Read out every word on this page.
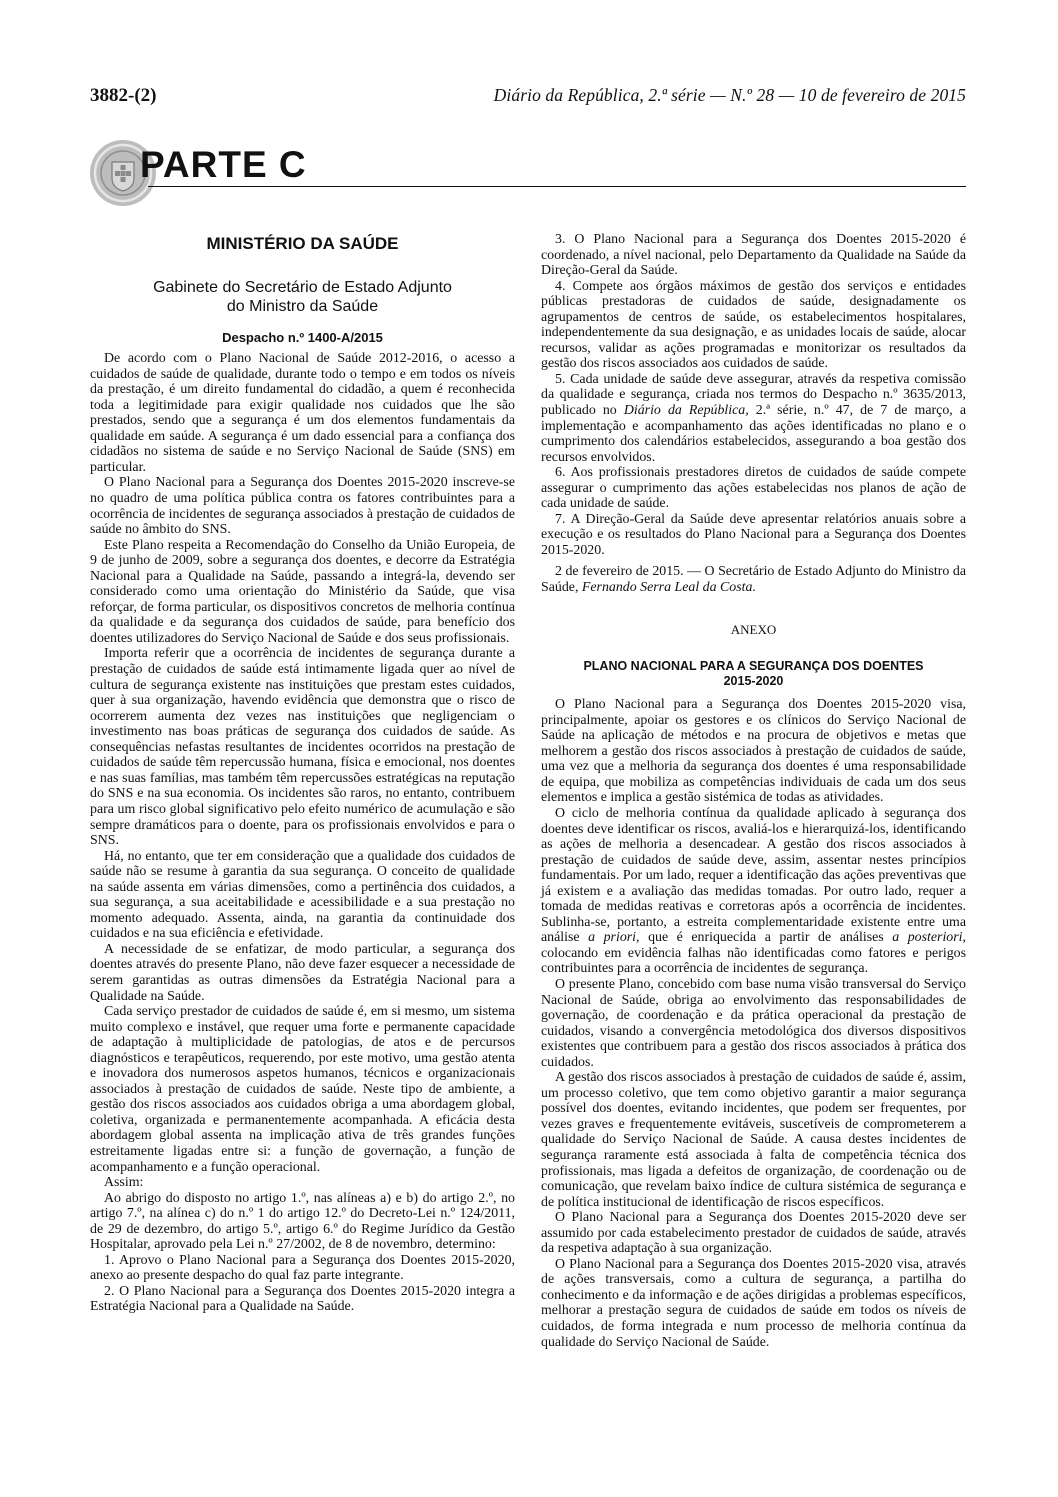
3882-(2)	Diário da República, 2.ª série — N.º 28 — 10 de fevereiro de 2015
PARTE C

MINISTÉRIO DA SAÚDE

Gabinete do Secretário de Estado Adjunto
do Ministro da Saúde

Despacho n.º 1400-A/2015

De acordo com o Plano Nacional de Saúde 2012-2016, o acesso a cuidados de saúde de qualidade, durante todo o tempo e em todos os níveis da prestação, é um direito fundamental do cidadão, a quem é reconhecida toda a legitimidade para exigir qualidade nos cuidados que lhe são prestados, sendo que a segurança é um dos elementos fundamentais da qualidade em saúde. A segurança é um dado essencial para a confiança dos cidadãos no sistema de saúde e no Serviço Nacional de Saúde (SNS) em particular.

O Plano Nacional para a Segurança dos Doentes 2015-2020 inscreve-se no quadro de uma política pública contra os fatores contribuintes para a ocorrência de incidentes de segurança associados à prestação de cuidados de saúde no âmbito do SNS.

Este Plano respeita a Recomendação do Conselho da União Europeia, de 9 de junho de 2009, sobre a segurança dos doentes, e decorre da Estratégia Nacional para a Qualidade na Saúde, passando a integrá-la, devendo ser considerado como uma orientação do Ministério da Saúde, que visa reforçar, de forma particular, os dispositivos concretos de melhoria contínua da qualidade e da segurança dos cuidados de saúde, para benefício dos doentes utilizadores do Serviço Nacional de Saúde e dos seus profissionais.

Importa referir que a ocorrência de incidentes de segurança durante a prestação de cuidados de saúde está intimamente ligada quer ao nível de cultura de segurança existente nas instituições que prestam estes cuidados, quer à sua organização, havendo evidência que demonstra que o risco de ocorrerem aumenta dez vezes nas instituições que negligenciam o investimento nas boas práticas de segurança dos cuidados de saúde. As consequências nefastas resultantes de incidentes ocorridos na prestação de cuidados de saúde têm repercussão humana, física e emocional, nos doentes e nas suas famílias, mas também têm repercussões estratégicas na reputação do SNS e na sua economia. Os incidentes são raros, no entanto, contribuem para um risco global significativo pelo efeito numérico de acumulação e são sempre dramáticos para o doente, para os profissionais envolvidos e para o SNS.

Há, no entanto, que ter em consideração que a qualidade dos cuidados de saúde não se resume à garantia da sua segurança. O conceito de qualidade na saúde assenta em várias dimensões, como a pertinência dos cuidados, a sua segurança, a sua aceitabilidade e acessibilidade e a sua prestação no momento adequado. Assenta, ainda, na garantia da continuidade dos cuidados e na sua eficiência e efetividade.

A necessidade de se enfatizar, de modo particular, a segurança dos doentes através do presente Plano, não deve fazer esquecer a necessidade de serem garantidas as outras dimensões da Estratégia Nacional para a Qualidade na Saúde.

Cada serviço prestador de cuidados de saúde é, em si mesmo, um sistema muito complexo e instável, que requer uma forte e permanente capacidade de adaptação à multiplicidade de patologias, de atos e de percursos diagnósticos e terapêuticos, requerendo, por este motivo, uma gestão atenta e inovadora dos numerosos aspetos humanos, técnicos e organizacionais associados à prestação de cuidados de saúde. Neste tipo de ambiente, a gestão dos riscos associados aos cuidados obriga a uma abordagem global, coletiva, organizada e permanentemente acompanhada. A eficácia desta abordagem global assenta na implicação ativa de três grandes funções estreitamente ligadas entre si: a função de governação, a função de acompanhamento e a função operacional.

Assim:

Ao abrigo do disposto no artigo 1.º, nas alíneas a) e b) do artigo 2.º, no artigo 7.º, na alínea c) do n.º 1 do artigo 12.º do Decreto-Lei n.º 124/2011, de 29 de dezembro, do artigo 5.º, artigo 6.º do Regime Jurídico da Gestão Hospitalar, aprovado pela Lei n.º 27/2002, de 8 de novembro, determino:

1. Aprovo o Plano Nacional para a Segurança dos Doentes 2015-2020, anexo ao presente despacho do qual faz parte integrante.

2. O Plano Nacional para a Segurança dos Doentes 2015-2020 integra a Estratégia Nacional para a Qualidade na Saúde.

3. O Plano Nacional para a Segurança dos Doentes 2015-2020 é coordenado, a nível nacional, pelo Departamento da Qualidade na Saúde da Direção-Geral da Saúde.

4. Compete aos órgãos máximos de gestão dos serviços e entidades públicas prestadoras de cuidados de saúde, designadamente os agrupamentos de centros de saúde, os estabelecimentos hospitalares, independentemente da sua designação, e as unidades locais de saúde, alocar recursos, validar as ações programadas e monitorizar os resultados da gestão dos riscos associados aos cuidados de saúde.

5. Cada unidade de saúde deve assegurar, através da respetiva comissão da qualidade e segurança, criada nos termos do Despacho n.º 3635/2013, publicado no Diário da República, 2.ª série, n.º 47, de 7 de março, a implementação e acompanhamento das ações identificadas no plano e o cumprimento dos calendários estabelecidos, assegurando a boa gestão dos recursos envolvidos.

6. Aos profissionais prestadores diretos de cuidados de saúde compete assegurar o cumprimento das ações estabelecidas nos planos de ação de cada unidade de saúde.

7. A Direção-Geral da Saúde deve apresentar relatórios anuais sobre a execução e os resultados do Plano Nacional para a Segurança dos Doentes 2015-2020.

2 de fevereiro de 2015. — O Secretário de Estado Adjunto do Ministro da Saúde, Fernando Serra Leal da Costa.

ANEXO

PLANO NACIONAL PARA A SEGURANÇA DOS DOENTES
2015-2020

O Plano Nacional para a Segurança dos Doentes 2015-2020 visa, principalmente, apoiar os gestores e os clínicos do Serviço Nacional de Saúde na aplicação de métodos e na procura de objetivos e metas que melhorem a gestão dos riscos associados à prestação de cuidados de saúde, uma vez que a melhoria da segurança dos doentes é uma responsabilidade de equipa, que mobiliza as competências individuais de cada um dos seus elementos e implica a gestão sistémica de todas as atividades.

O ciclo de melhoria contínua da qualidade aplicado à segurança dos doentes deve identificar os riscos, avaliá-los e hierarquizá-los, identificando as ações de melhoria a desencadear. A gestão dos riscos associados à prestação de cuidados de saúde deve, assim, assentar nestes princípios fundamentais. Por um lado, requer a identificação das ações preventivas que já existem e a avaliação das medidas tomadas. Por outro lado, requer a tomada de medidas reativas e corretoras após a ocorrência de incidentes. Sublinha-se, portanto, a estreita complementaridade existente entre uma análise a priori, que é enriquecida a partir de análises a posteriori, colocando em evidência falhas não identificadas como fatores e perigos contribuintes para a ocorrência de incidentes de segurança.

O presente Plano, concebido com base numa visão transversal do Serviço Nacional de Saúde, obriga ao envolvimento das responsabilidades de governação, de coordenação e da prática operacional da prestação de cuidados, visando a convergência metodológica dos diversos dispositivos existentes que contribuem para a gestão dos riscos associados à prática dos cuidados.

A gestão dos riscos associados à prestação de cuidados de saúde é, assim, um processo coletivo, que tem como objetivo garantir a maior segurança possível dos doentes, evitando incidentes, que podem ser frequentes, por vezes graves e frequentemente evitáveis, suscetíveis de comprometerem a qualidade do Serviço Nacional de Saúde. A causa destes incidentes de segurança raramente está associada à falta de competência técnica dos profissionais, mas ligada a defeitos de organização, de coordenação ou de comunicação, que revelam baixo índice de cultura sistémica de segurança e de política institucional de identificação de riscos específicos.

O Plano Nacional para a Segurança dos Doentes 2015-2020 deve ser assumido por cada estabelecimento prestador de cuidados de saúde, através da respetiva adaptação à sua organização.

O Plano Nacional para a Segurança dos Doentes 2015-2020 visa, através de ações transversais, como a cultura de segurança, a partilha do conhecimento e da informação e de ações dirigidas a problemas específicos, melhorar a prestação segura de cuidados de saúde em todos os níveis de cuidados, de forma integrada e num processo de melhoria contínua da qualidade do Serviço Nacional de Saúde.
